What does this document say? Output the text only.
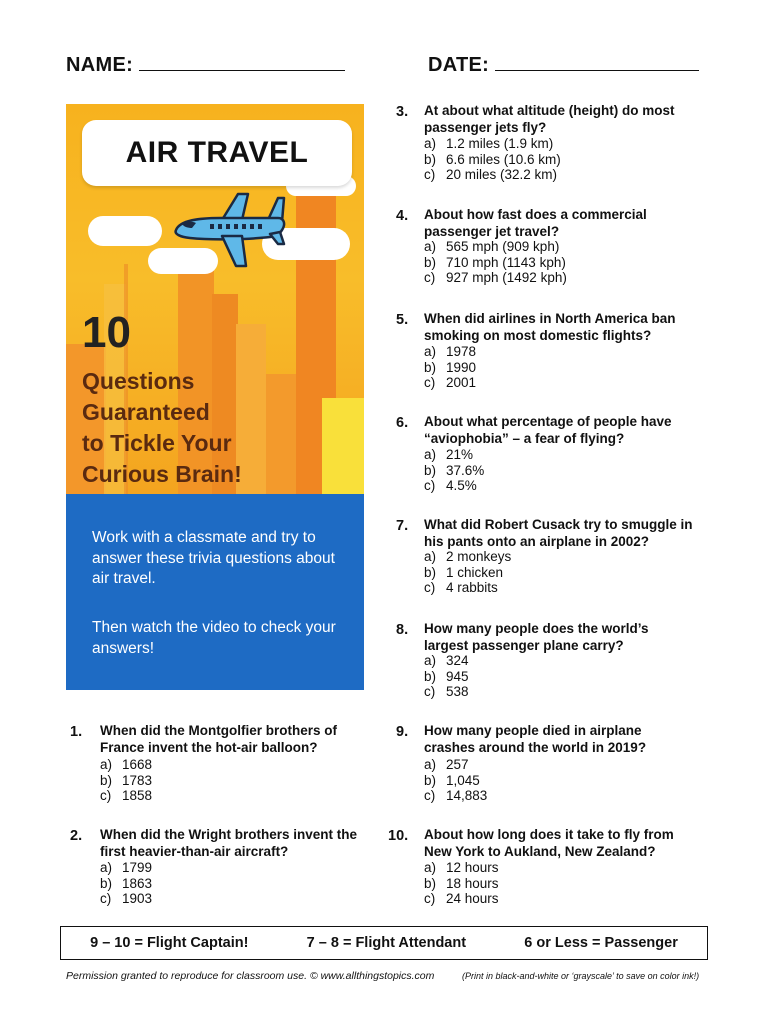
NAME:	DATE:
AIR TRAVEL
10
Questions
Guaranteed
to Tickle Your
Curious Brain!

Work with a classmate and try to answer these trivia questions about air travel.

Then watch the video to check your answers!

1. When did the Montgolfier brothers of France invent the hot-air balloon?
a) 1668
b) 1783
c) 1858
2. When did the Wright brothers invent the first heavier-than-air aircraft?
a) 1799
b) 1863
c) 1903
3. At about what altitude (height) do most passenger jets fly?
a) 1.2 miles (1.9 km)
b) 6.6 miles (10.6 km)
c) 20 miles (32.2 km)
4. About how fast does a commercial passenger jet travel?
a) 565 mph (909 kph)
b) 710 mph (1143 kph)
c) 927 mph (1492 kph)
5. When did airlines in North America ban smoking on most domestic flights?
a) 1978
b) 1990
c) 2001
6. About what percentage of people have “aviophobia” – a fear of flying?
a) 21%
b) 37.6%
c) 4.5%
7. What did Robert Cusack try to smuggle in his pants onto an airplane in 2002?
a) 2 monkeys
b) 1 chicken
c) 4 rabbits
8. How many people does the world’s largest passenger plane carry?
a) 324
b) 945
c) 538
9. How many people died in airplane crashes around the world in 2019?
a) 257
b) 1,045
c) 14,883
10. About how long does it take to fly from New York to Aukland, New Zealand?
a) 12 hours
b) 18 hours
c) 24 hours
9 – 10 = Flight Captain!	7 – 8 = Flight Attendant	6 or Less = Passenger
Permission granted to reproduce for classroom use. © www.allthingstopics.com	(Print in black-and-white or ‘grayscale’ to save on color ink!)
